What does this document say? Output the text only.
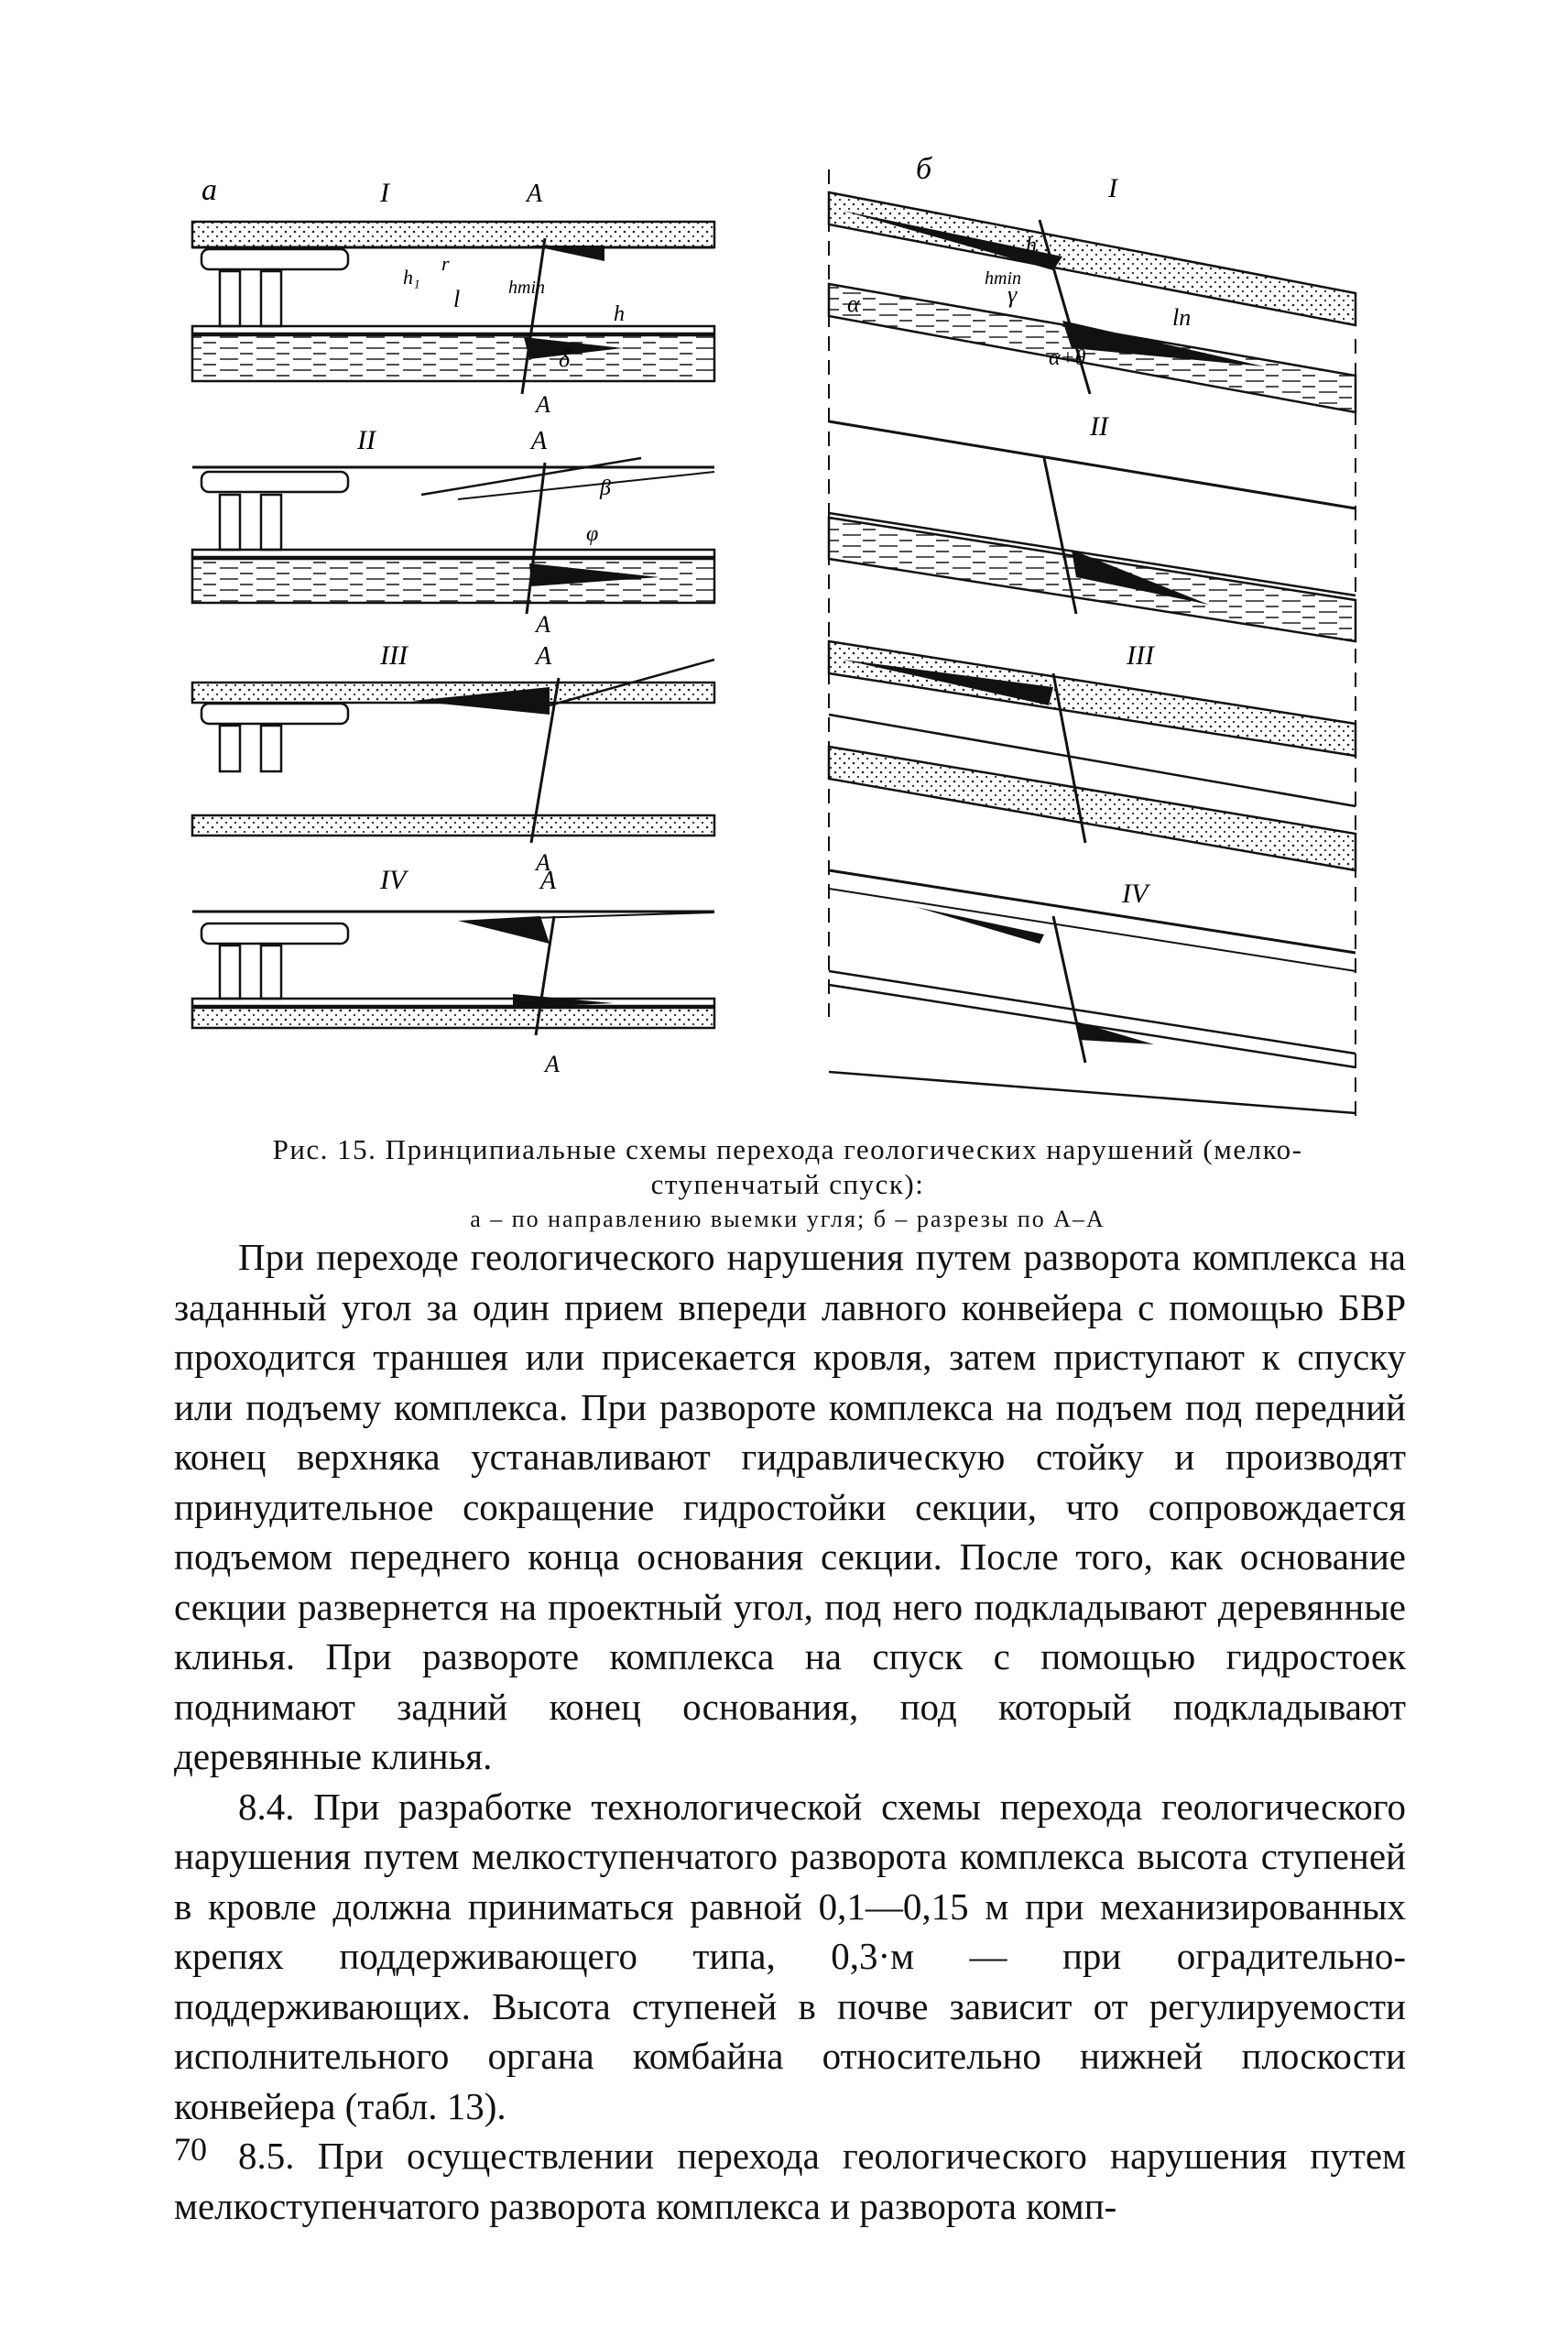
а	I	A
h₁
r
l	hmin
h
δ
A
II	A
β
φ
A
III	A
A
IV	A
A
б
I
h
hmin
γ
α
α+θ
lп
II
III
IV
Рис. 15. Принципиальные схемы перехода геологических нарушений (мелко-
ступенчатый спуск):
а – по направлению выемки угля; б – разрезы по А–А

При переходе геологического нарушения путем разворота комплекса на заданный угол за один прием впереди лавного конвейера с помощью БВР проходится траншея или присекается кровля, затем приступают к спуску или подъему комплекса. При развороте комплекса на подъем под передний конец верхняка устанавливают гидравлическую стойку и производят принудительное сокращение гидростойки секции, что сопровождается подъемом переднего конца основания секции. После того, как основание секции развернется на проектный угол, под него подкладывают деревянные клинья. При развороте комплекса на спуск с помощью гидростоек поднимают задний конец основания, под который подкладывают деревянные клинья.

8.4. При разработке технологической схемы перехода геологического нарушения путем мелкоступенчатого разворота комплекса высота ступеней в кровле должна приниматься равной 0,1—0,15 м при механизированных крепях поддерживающего типа, 0,3·м — при оградительно-поддерживающих. Высота ступеней в почве зависит от регулируемости исполнительного органа комбайна относительно нижней плоскости конвейера (табл. 13).

8.5. При осуществлении перехода геологического нарушения путем мелкоступенчатого разворота комплекса и разворота комп-

70
